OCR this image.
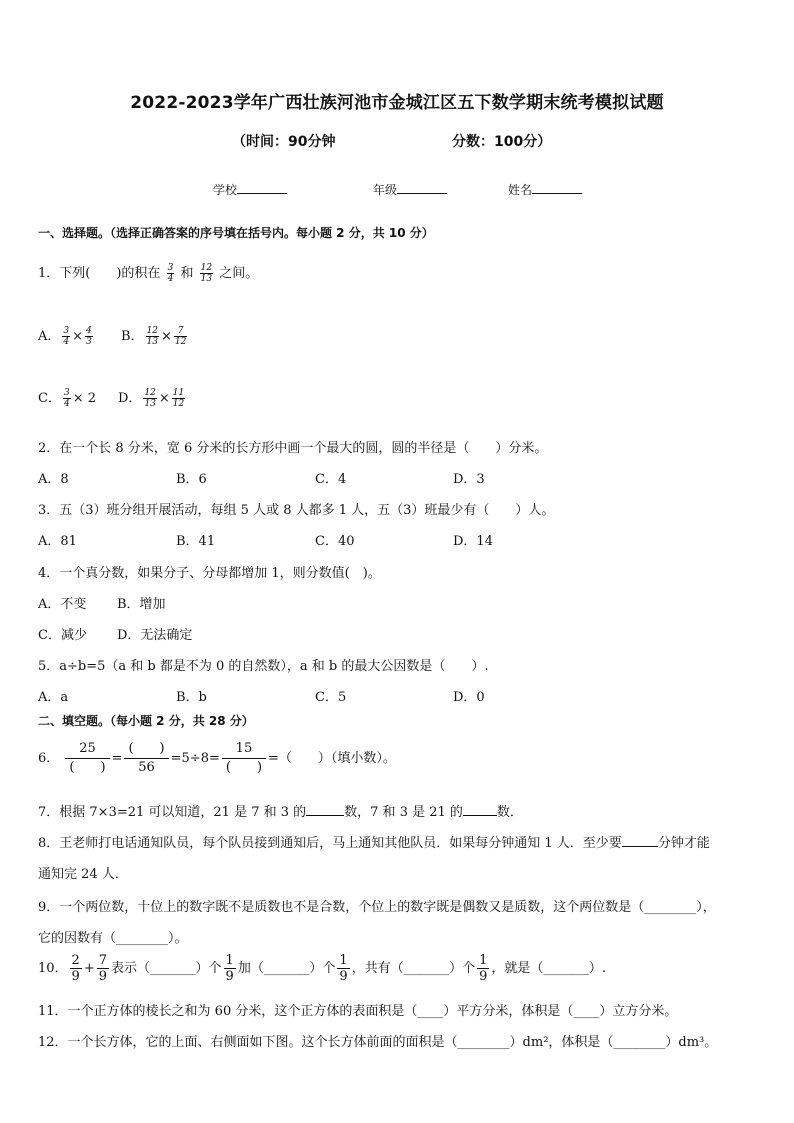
2022-2023学年广西壮族河池市金城江区五下数学期末统考模拟试题
（时间：90分钟	分数：100分）
学校	年级	姓名
一、选择题。（选择正确答案的序号填在括号内。每小题 2 分，共 10 分）
1．下列(　　)的积在 $\frac{3}{4}$ 和 $\frac{12}{13}$ 之间。
A． $\frac{3}{4} \times \frac{4}{3}$ B． $\frac{12}{13} \times \frac{7}{12}$
C． $\frac{3}{4} \times 2$ D． $\frac{12}{13} \times \frac{11}{12}$
2．在一个长 8 分米，宽 6 分米的长方形中画一个最大的圆，圆的半径是（　　）分米。
A．8	B．6	C．4	D．3
3．五（3）班分组开展活动，每组 5 人或 8 人都多 1 人，五（3）班最少有（　　）人。
A．81	B．41	C．40	D．14
4．一个真分数，如果分子、分母都增加 1，则分数值(　)。
A．不变 B．增加
C．减少 D．无法确定
5．a÷b=5（a 和 b 都是不为 0 的自然数），a 和 b 的最大公因数是（　　）.
A．a	B．b	C．5	D．0
二、填空题。（每小题 2 分，共 28 分）
6．
25
(　　)
=
(　　)
56
=5÷8=
15
(　　)
=（　　）（填小数）。
7．根据 7×3=21 可以知道，21 是 7 和 3 的	数，7 和 3 是 21 的	数．
8．王老师打电话通知队员，每个队员接到通知后，马上通知其他队员．如果每分钟通知 1 人．至少要	分钟才能
通知完 24 人．
9．一个两位数，十位上的数字既不是质数也不是合数，个位上的数字既是偶数又是质数，这个两位数是（________），
它的因数有（________）。
10． $\frac{2}{9} + \frac{7}{9}$ 表示（_______）个 $\frac{1}{9}$ 加（_______）个 $\frac{1}{9}$ ，共有（_______）个 $\frac{1}{9}$ ，就是（_______）.
11．一个正方体的棱长之和为 60 分米，这个正方体的表面积是（____）平方分米，体积是（____）立方分米。
12．一个长方体，它的上面、右侧面如下图。这个长方体前面的面积是（________）dm²，体积是（________）dm³。
